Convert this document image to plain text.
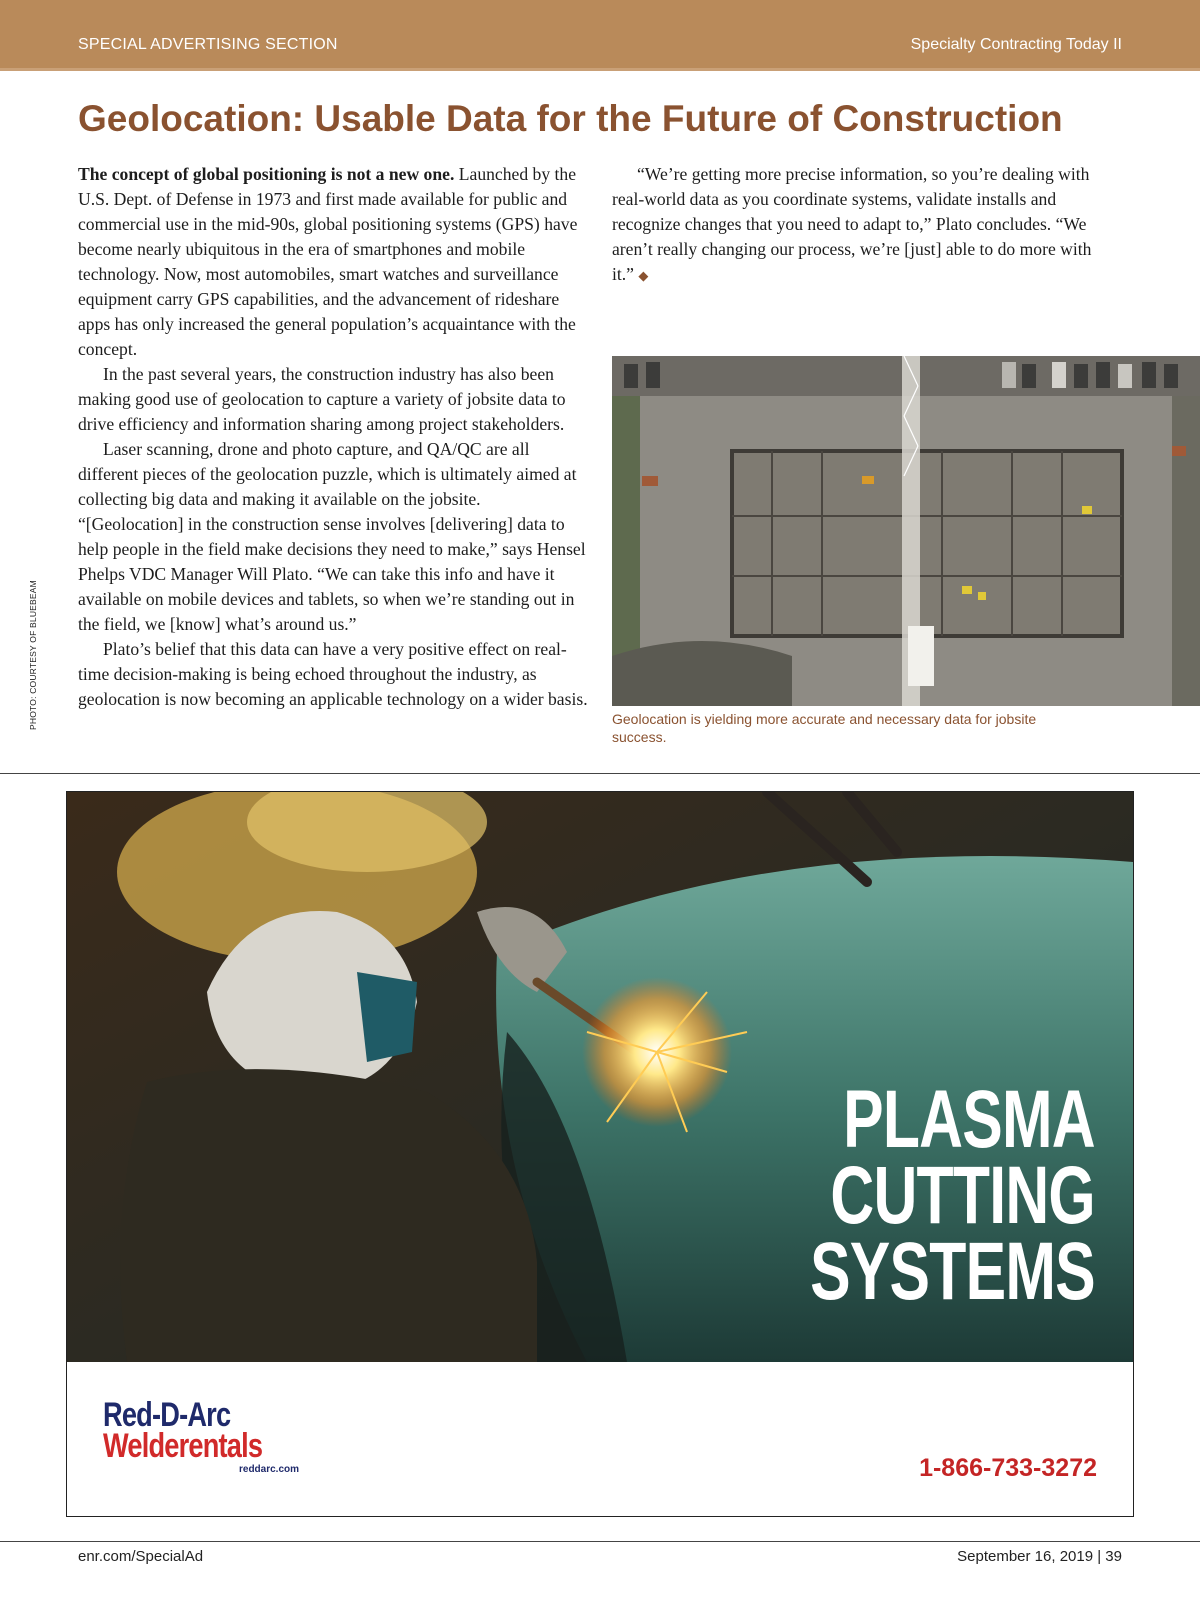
SPECIAL ADVERTISING SECTION	Specialty Contracting Today II
Geolocation: Usable Data for the Future of Construction

The concept of global positioning is not a new one. Launched by the U.S. Dept. of Defense in 1973 and first made available for public and commercial use in the mid-90s, global positioning systems (GPS) have become nearly ubiquitous in the era of smartphones and mobile technology. Now, most automobiles, smart watches and surveillance equipment carry GPS capabilities, and the advancement of rideshare apps has only increased the general population’s acquaintance with the concept.

In the past several years, the construction industry has also been making good use of geolocation to capture a variety of jobsite data to drive efficiency and information sharing among project stakeholders.

Laser scanning, drone and photo capture, and QA/QC are all different pieces of the geolocation puzzle, which is ultimately aimed at collecting big data and making it available on the jobsite. “[Geolocation] in the construction sense involves [delivering] data to help people in the field make decisions they need to make,” says Hensel Phelps VDC Manager Will Plato. “We can take this info and have it available on mobile devices and tablets, so when we’re standing out in the field, we [know] what’s around us.”

Plato’s belief that this data can have a very positive effect on real-time decision-making is being echoed throughout the industry, as geolocation is now becoming an applicable technology on a wider basis.

“We’re getting more precise information, so you’re dealing with real-world data as you coordinate systems, validate installs and recognize changes that you need to adapt to,” Plato concludes. “We aren’t really changing our process, we’re [just] able to do more with it.” ◆

PHOTO: COURTESY OF BLUEBEAM	Geolocation is yielding more accurate and necessary data for jobsite success.

PLASMA
CUTTING
SYSTEMS
Red-D-Arc
Welderentals
reddarc.com	1-866-733-3272
enr.com/SpecialAd	September 16, 2019 | 39
